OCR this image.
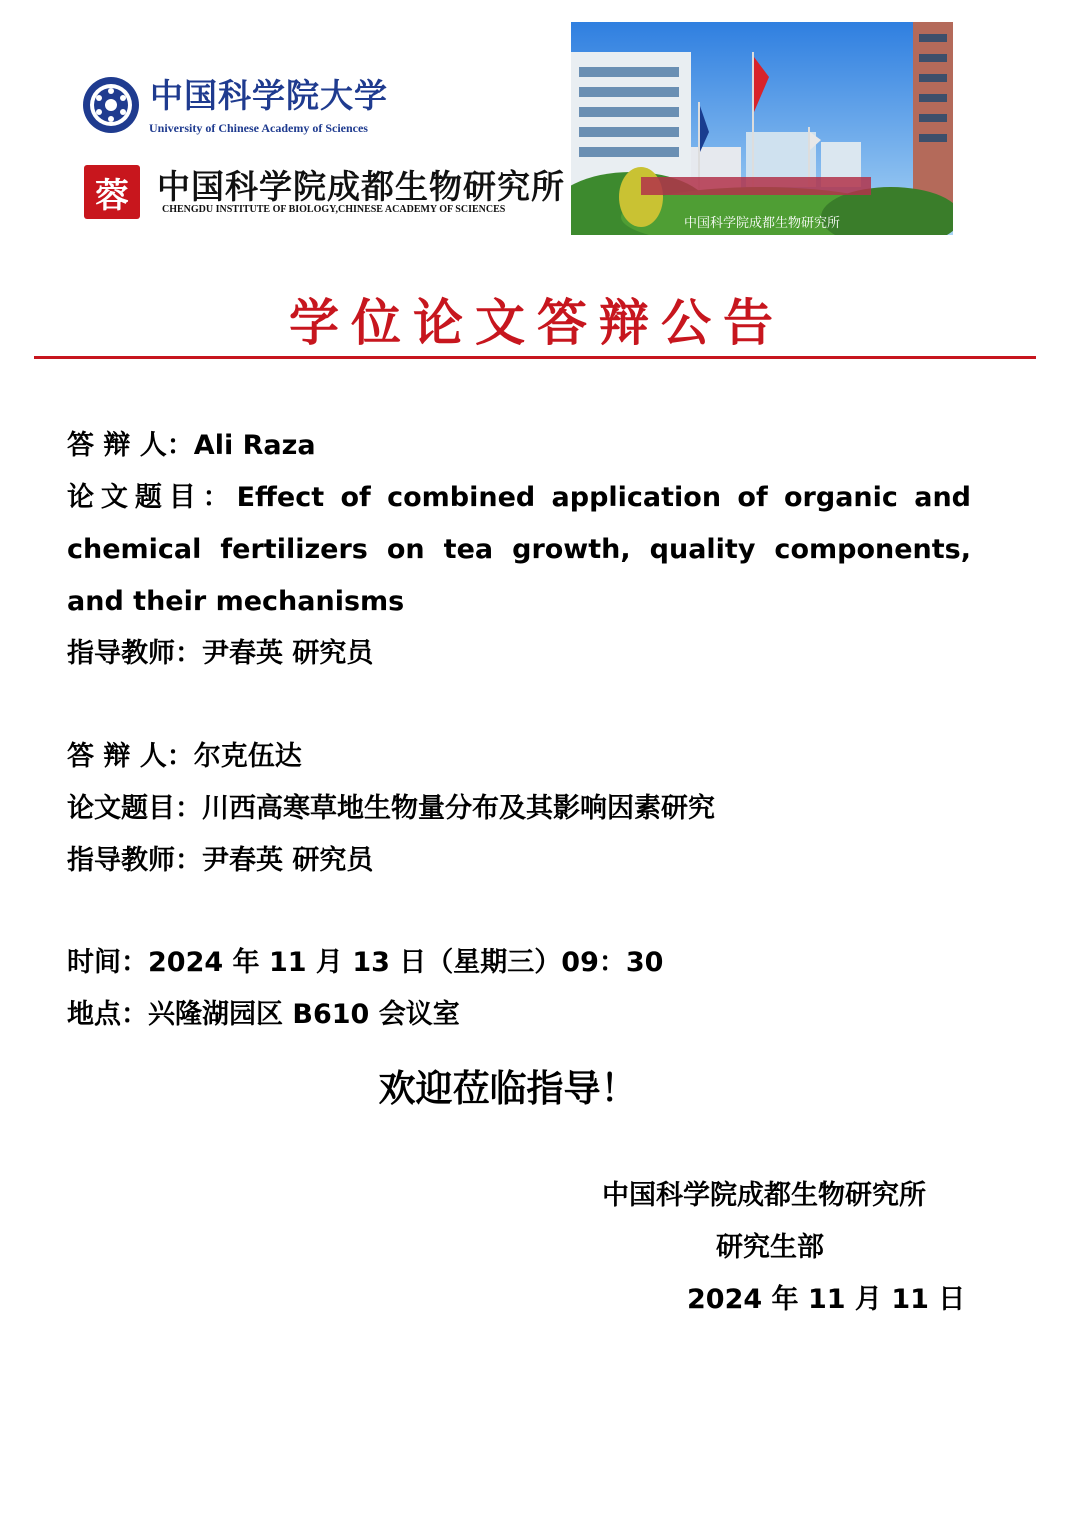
中国科学院大学
University of Chinese Academy of Sciences
蓉 中国科学院成都生物研究所
CHENGDU INSTITUTE OF BIOLOGY,CHINESE ACADEMY OF SCIENCES
中国科学院成都生物研究所
学位论文答辩公告
答 辩 人：Ali Raza
论文题目：Effect of combined application of organic and chemical fertilizers on tea growth, quality components, and their mechanisms
指导教师：尹春英 研究员
答 辩 人：尔克伍达
论文题目：川西高寒草地生物量分布及其影响因素研究
指导教师：尹春英 研究员
时间：2024 年 11 月 13 日（星期三）09：30
地点：兴隆湖园区 B610 会议室
欢迎莅临指导！
中国科学院成都生物研究所
研究生部
2024 年 11 月 11 日
